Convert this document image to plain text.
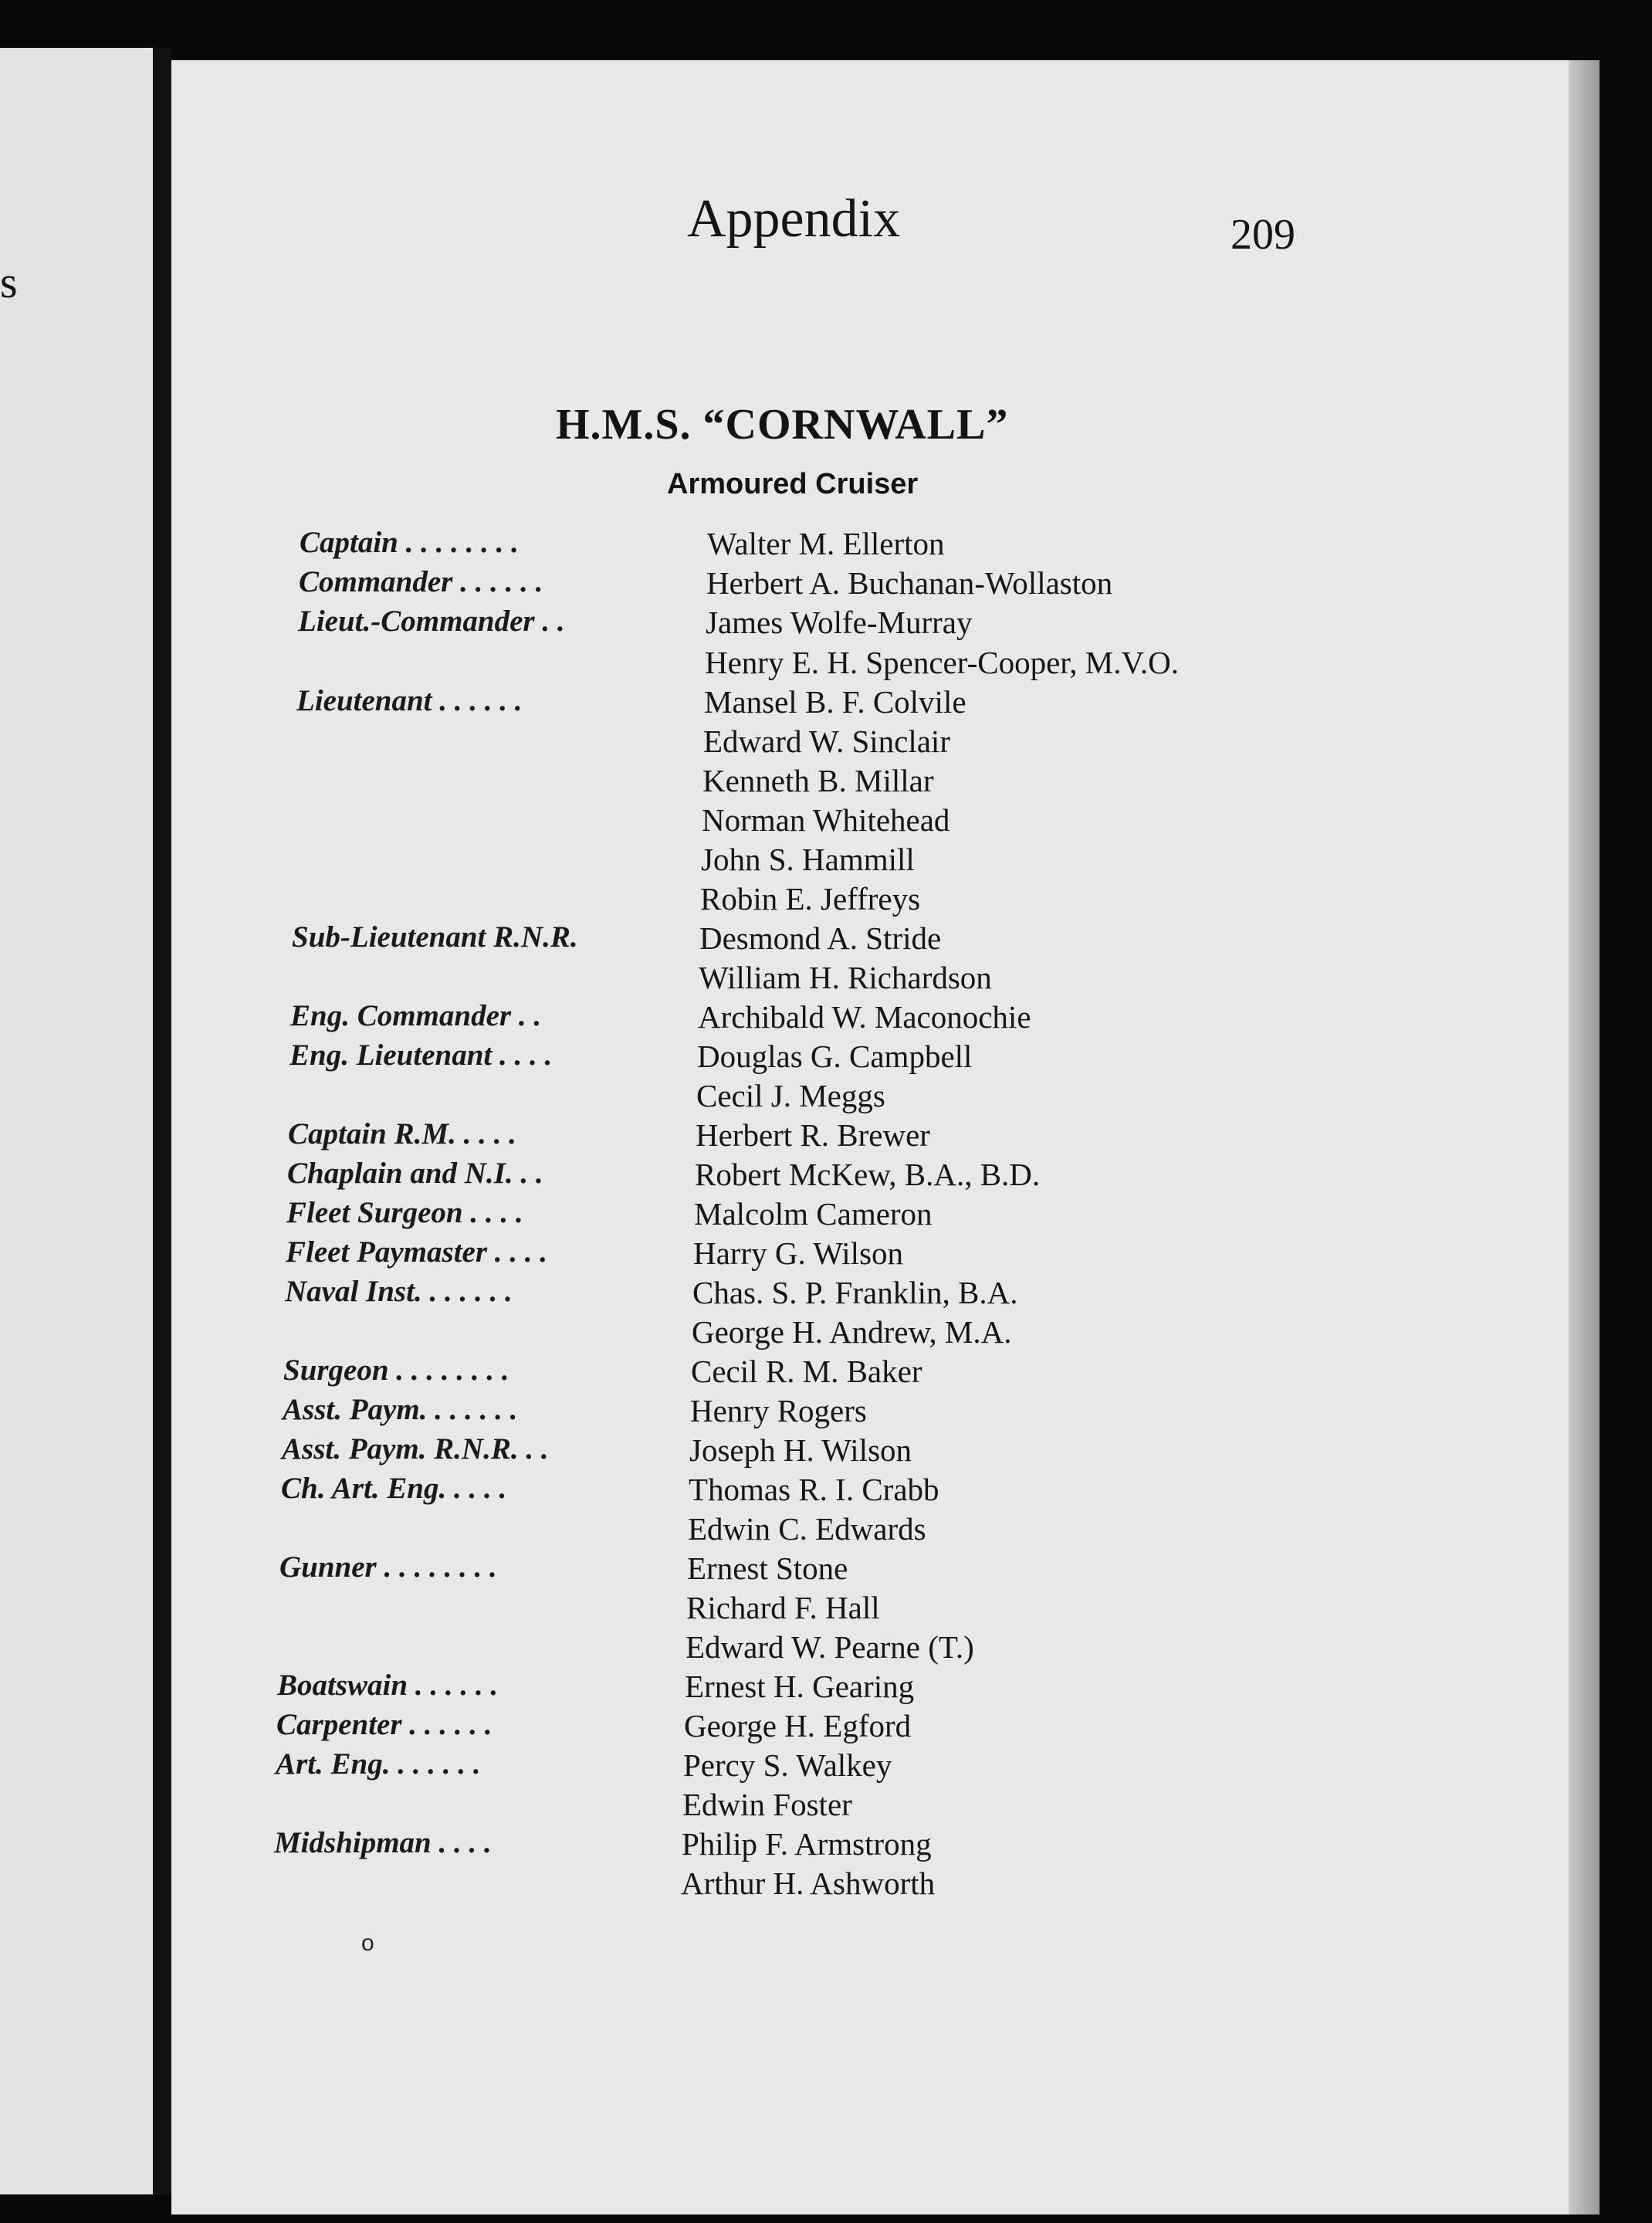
s
Appendix	209
H.M.S. “CORNWALL”
Armoured Cruiser
Captain . . . . . . . .	Walter M. Ellerton
Commander . . . . . .	Herbert A. Buchanan-Wollaston
Lieut.-Commander . .	James Wolfe-Murray
Henry E. H. Spencer-Cooper, M.V.O.
Lieutenant . . . . . .	Mansel B. F. Colvile
Edward W. Sinclair
Kenneth B. Millar
Norman Whitehead
John S. Hammill
Robin E. Jeffreys
Sub-Lieutenant R.N.R.	Desmond A. Stride
William H. Richardson
Eng. Commander . .	Archibald W. Maconochie
Eng. Lieutenant . . . .	Douglas G. Campbell
Cecil J. Meggs
Captain R.M. . . . .	Herbert R. Brewer
Chaplain and N.I. . .	Robert McKew, B.A., B.D.
Fleet Surgeon . . . .	Malcolm Cameron
Fleet Paymaster . . . .	Harry G. Wilson
Naval Inst. . . . . . .	Chas. S. P. Franklin, B.A.
George H. Andrew, M.A.
Surgeon . . . . . . . .	Cecil R. M. Baker
Asst. Paym. . . . . . .	Henry Rogers
Asst. Paym. R.N.R. . .	Joseph H. Wilson
Ch. Art. Eng. . . . .	Thomas R. I. Crabb
Edwin C. Edwards
Gunner . . . . . . . .	Ernest Stone
Richard F. Hall
Edward W. Pearne (T.)
Boatswain . . . . . .	Ernest H. Gearing
Carpenter . . . . . .	George H. Egford
Art. Eng. . . . . . .	Percy S. Walkey
Edwin Foster
Midshipman . . . .	Philip F. Armstrong
Arthur H. Ashworth
o
